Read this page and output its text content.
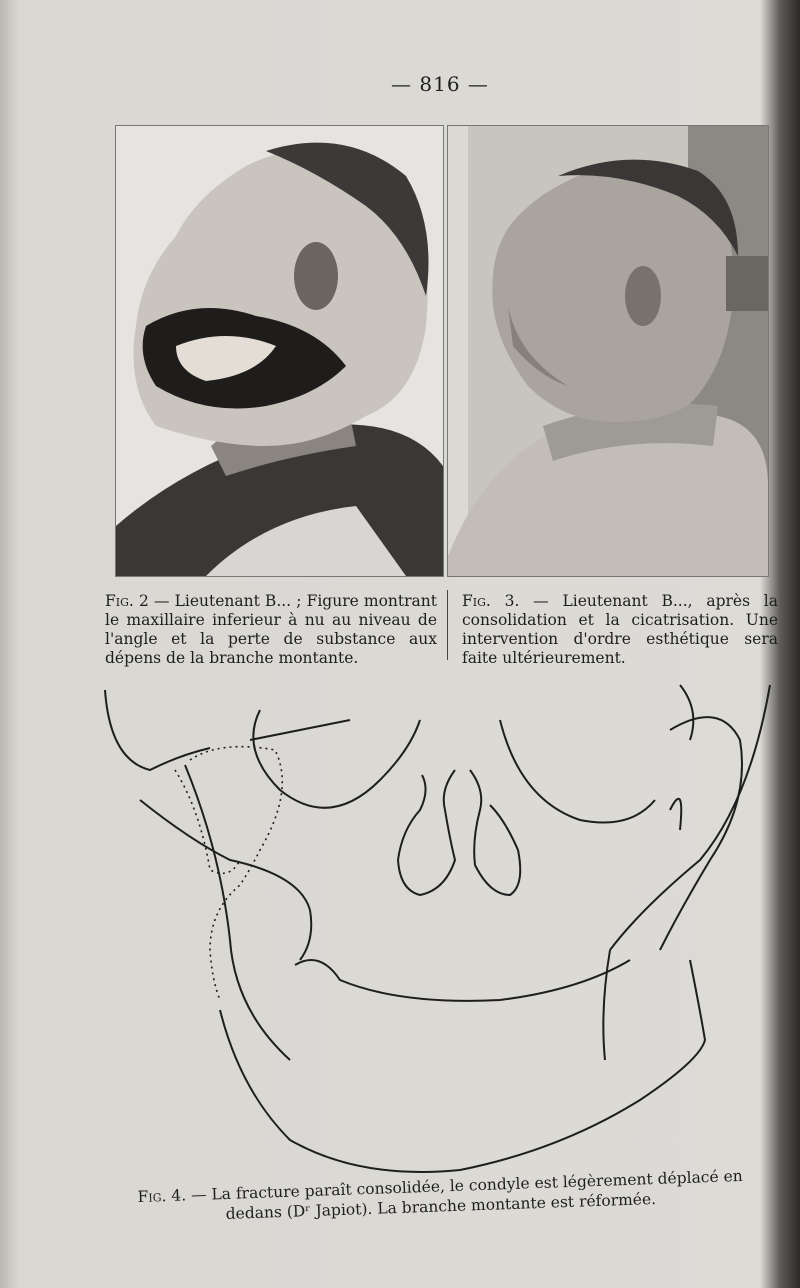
— 816 —
Fig. 2 — Lieutenant B... ; Figure montrant le maxillaire inferieur à nu au niveau de l'angle et la perte de substance aux dépens de la branche montante.
Fig. 3. — Lieutenant B..., après la consolidation et la cicatrisation. Une intervention d'ordre esthétique sera faite ultérieurement.
Fig. 4. — La fracture paraît consolidée, le condyle est légèrement déplacé en dedans (Dʳ Japiot). La branche montante est réformée.
